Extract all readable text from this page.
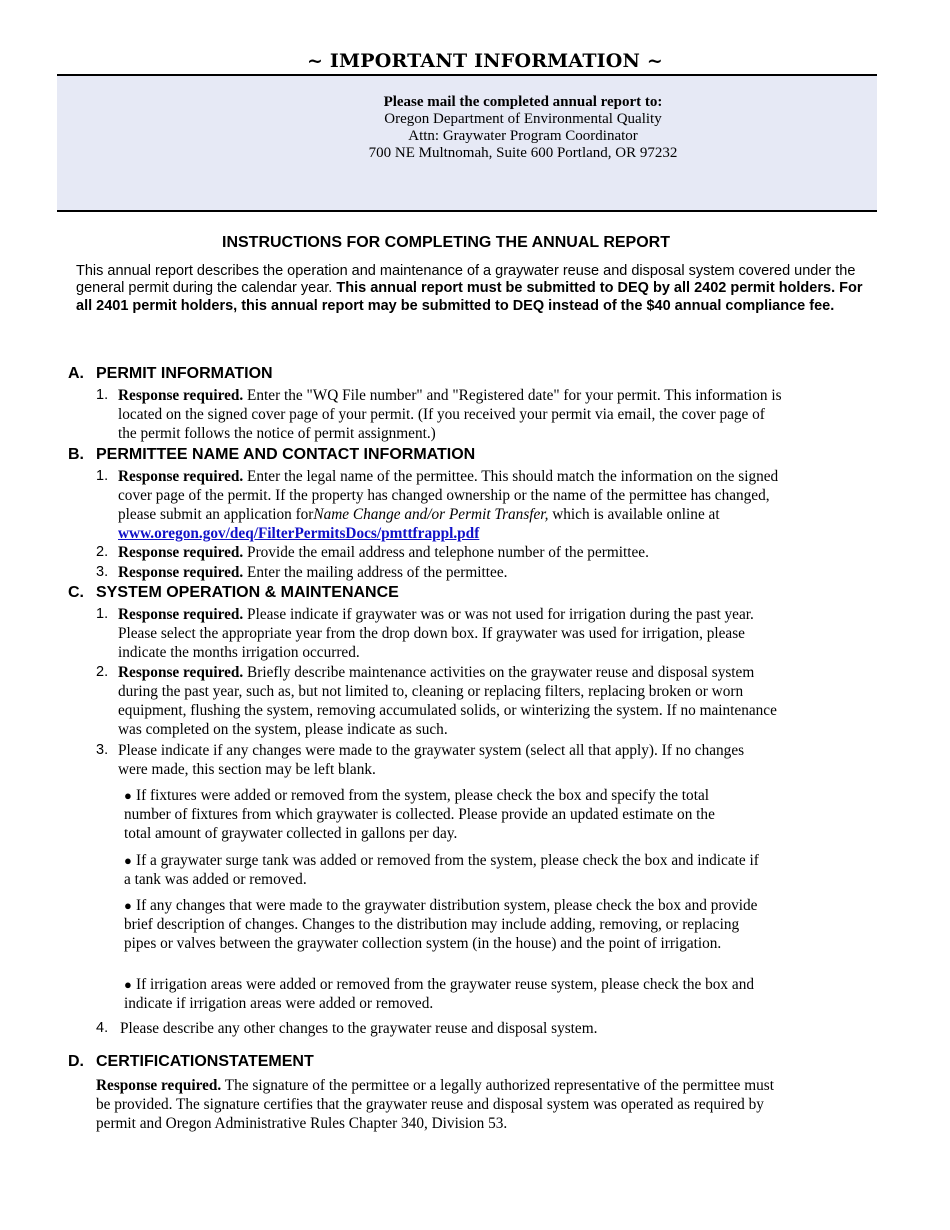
~ IMPORTANT INFORMATION ~
Please mail the completed annual report to:
Oregon Department of Environmental Quality
Attn: Graywater Program Coordinator
700 NE Multnomah, Suite 600 Portland, OR 97232
INSTRUCTIONS FOR COMPLETING THE ANNUAL REPORT
This annual report describes the operation and maintenance of a graywater reuse and disposal system covered under the general permit during the calendar year. This annual report must be submitted to DEQ by all 2402 permit holders. For all 2401 permit holders, this annual report may be submitted to DEQ instead of the $40 annual compliance fee.
A. PERMIT INFORMATION
1. Response required. Enter the "WQ File number" and "Registered date" for your permit. This information is located on the signed cover page of your permit. (If you received your permit via email, the cover page of the permit follows the notice of permit assignment.)
B. PERMITTEE NAME AND CONTACT INFORMATION
1. Response required. Enter the legal name of the permittee. This should match the information on the signed cover page of the permit. If the property has changed ownership or the name of the permittee has changed, please submit an application forName Change and/or Permit Transfer, which is available online at www.oregon.gov/deq/FilterPermitsDocs/pmttfrappl.pdf
2. Response required. Provide the email address and telephone number of the permittee.
3. Response required. Enter the mailing address of the permittee.
C. SYSTEM OPERATION & MAINTENANCE
1. Response required. Please indicate if graywater was or was not used for irrigation during the past year. Please select the appropriate year from the drop down box. If graywater was used for irrigation, please indicate the months irrigation occurred.
2. Response required. Briefly describe maintenance activities on the graywater reuse and disposal system during the past year, such as, but not limited to, cleaning or replacing filters, replacing broken or worn equipment, flushing the system, removing accumulated solids, or winterizing the system. If no maintenance was completed on the system, please indicate as such.
3. Please indicate if any changes were made to the graywater system (select all that apply). If no changes were made, this section may be left blank.
● If fixtures were added or removed from the system, please check the box and specify the total number of fixtures from which graywater is collected. Please provide an updated estimate on the total amount of graywater collected in gallons per day.
● If a graywater surge tank was added or removed from the system, please check the box and indicate if a tank was added or removed.
● If any changes that were made to the graywater distribution system, please check the box and provide brief description of changes. Changes to the distribution may include adding, removing, or replacing pipes or valves between the graywater collection system (in the house) and the point of irrigation.
● If irrigation areas were added or removed from the graywater reuse system, please check the box and indicate if irrigation areas were added or removed.
4. Please describe any other changes to the graywater reuse and disposal system.
D. CERTIFICATIONSTATEMENT
Response required. The signature of the permittee or a legally authorized representative of the permittee must be provided. The signature certifies that the graywater reuse and disposal system was operated as required by permit and Oregon Administrative Rules Chapter 340, Division 53.
